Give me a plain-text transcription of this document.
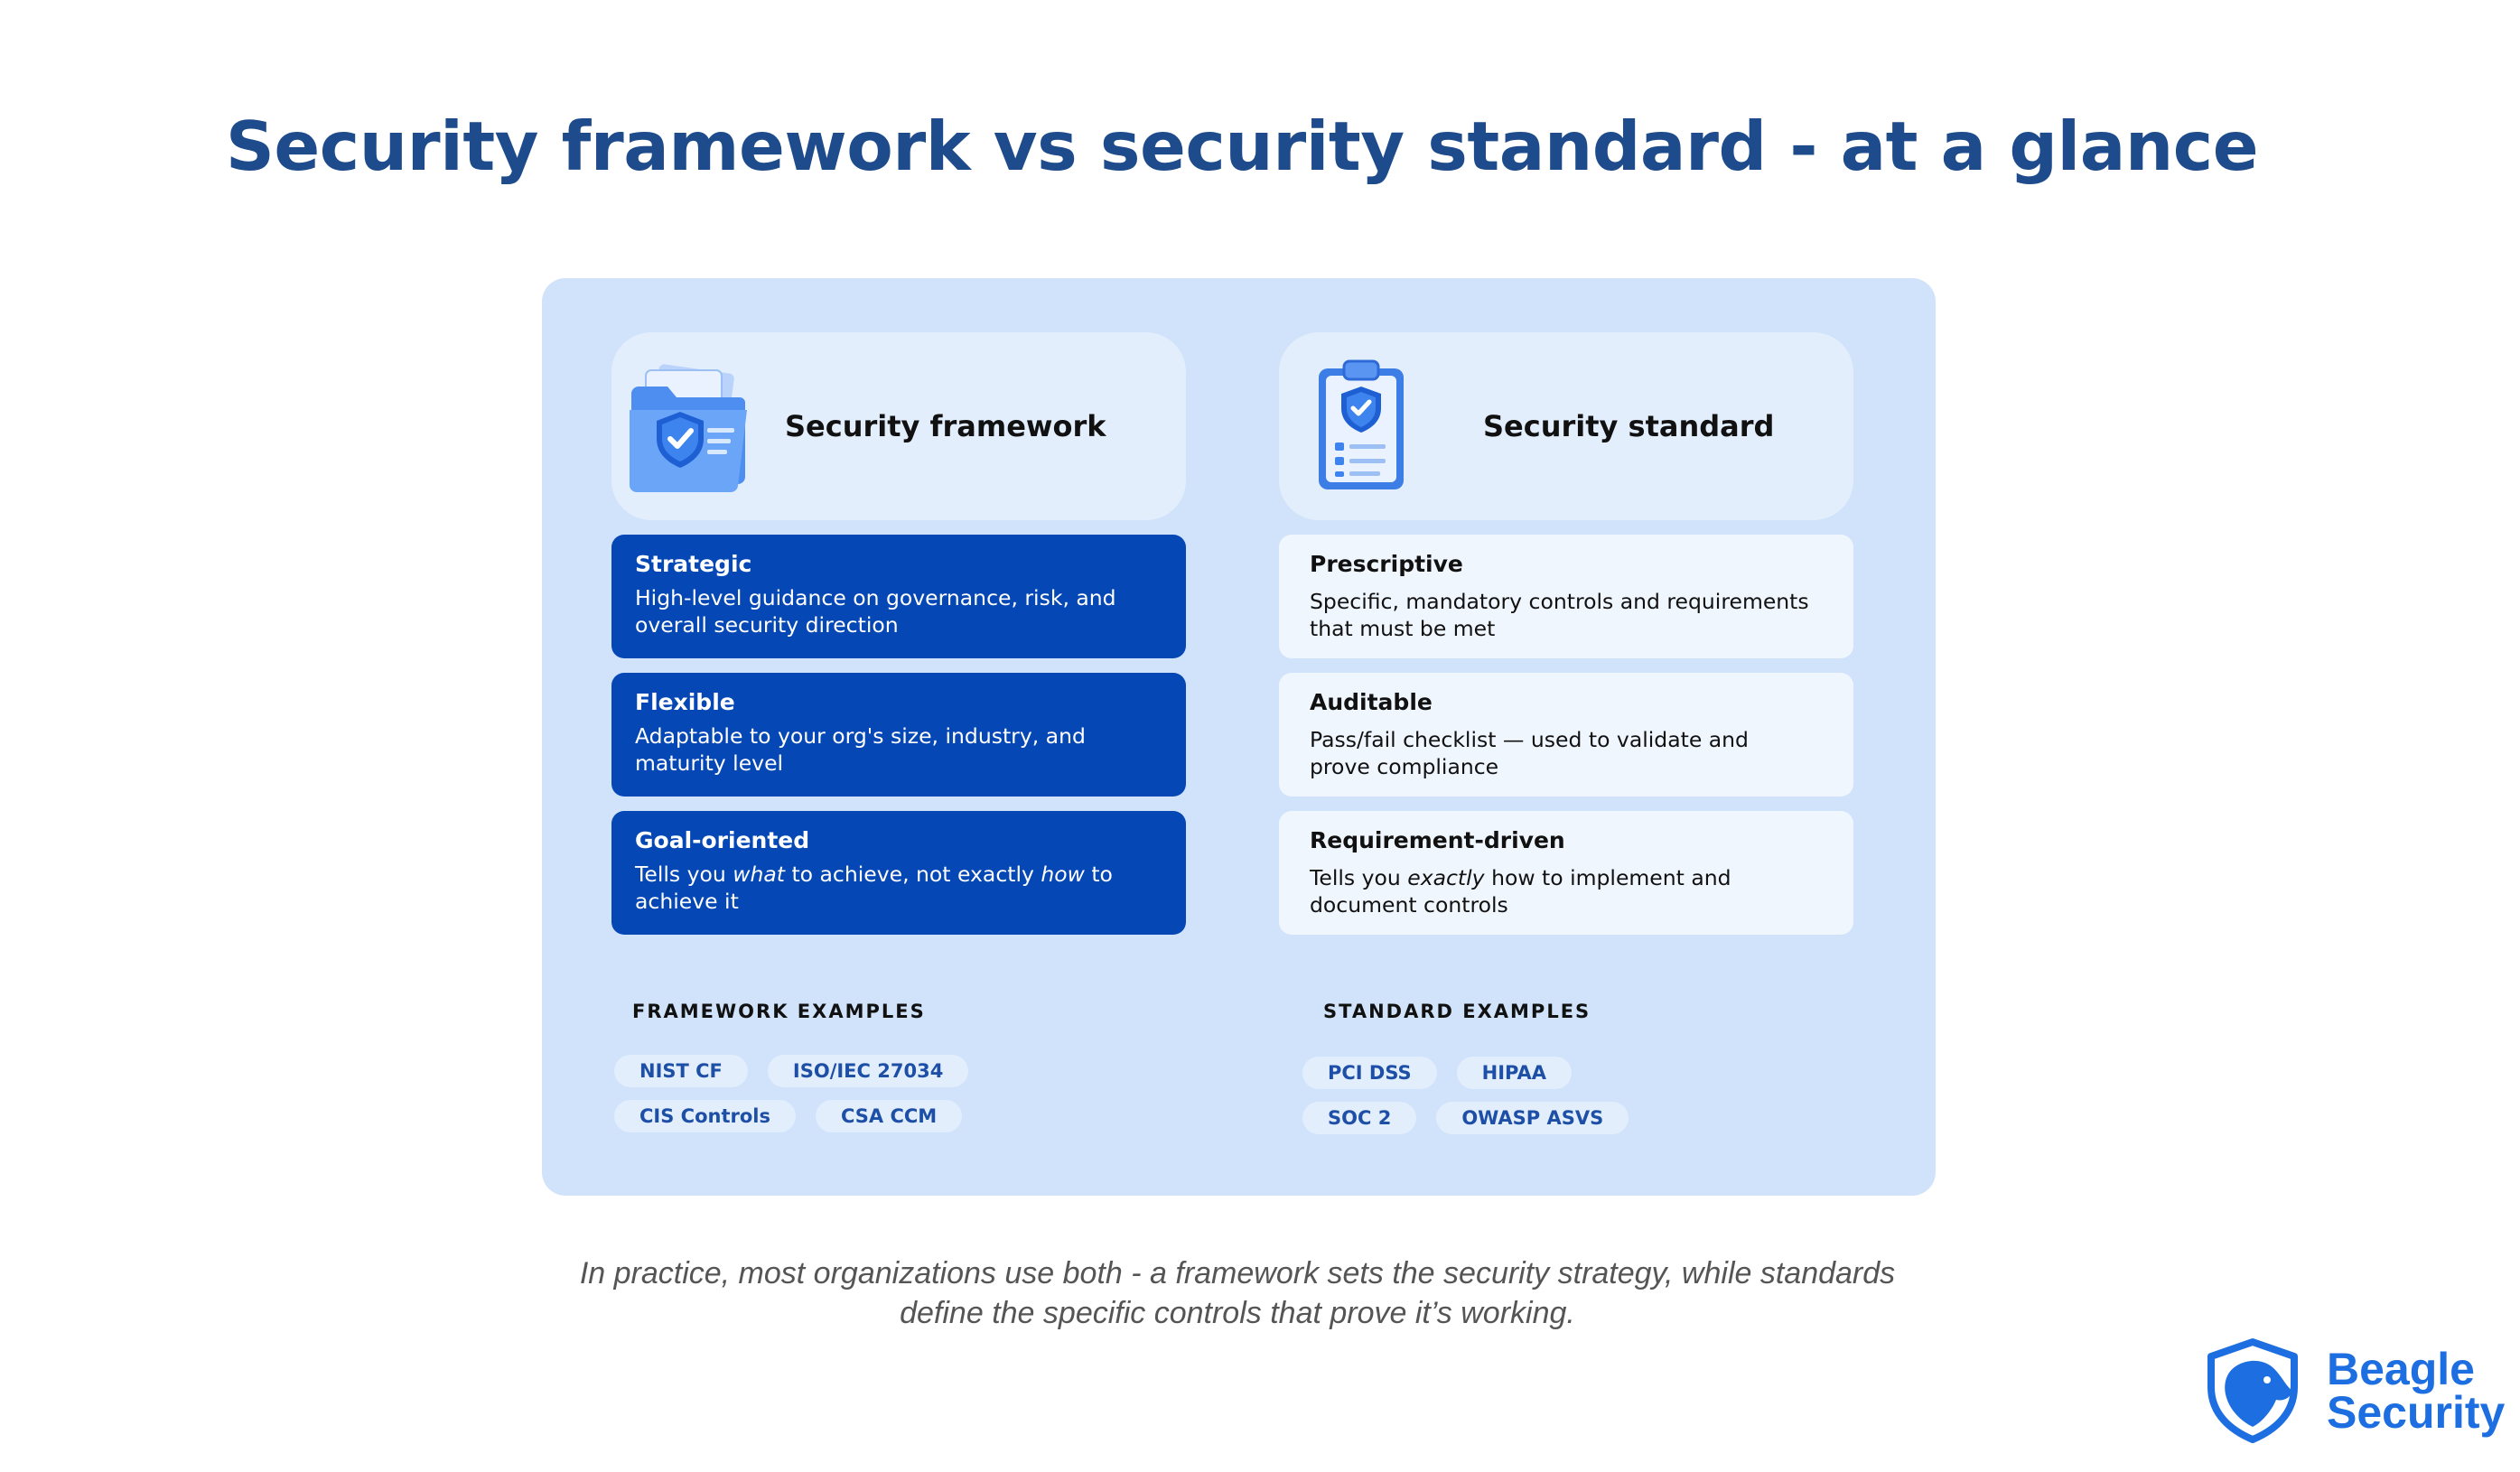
Security framework vs security standard - at a glance
Security framework
Strategic
High-level guidance on governance, risk, and overall security direction
Flexible
Adaptable to your org's size, industry, and maturity level
Goal-oriented
Tells you what to achieve, not exactly how to achieve it
Security standard
Prescriptive
Specific, mandatory controls and requirements that must be met
Auditable
Pass/fail checklist — used to validate and prove compliance
Requirement-driven
Tells you exactly how to implement and document controls
FRAMEWORK EXAMPLES
NIST CF	ISO/IEC 27034
CIS Controls	CSA CCM
STANDARD EXAMPLES
PCI DSS	HIPAA
SOC 2	OWASP ASVS

In practice, most organizations use both - a framework sets the security strategy, while standards
define the specific controls that prove it’s working.

Beagle
Security
